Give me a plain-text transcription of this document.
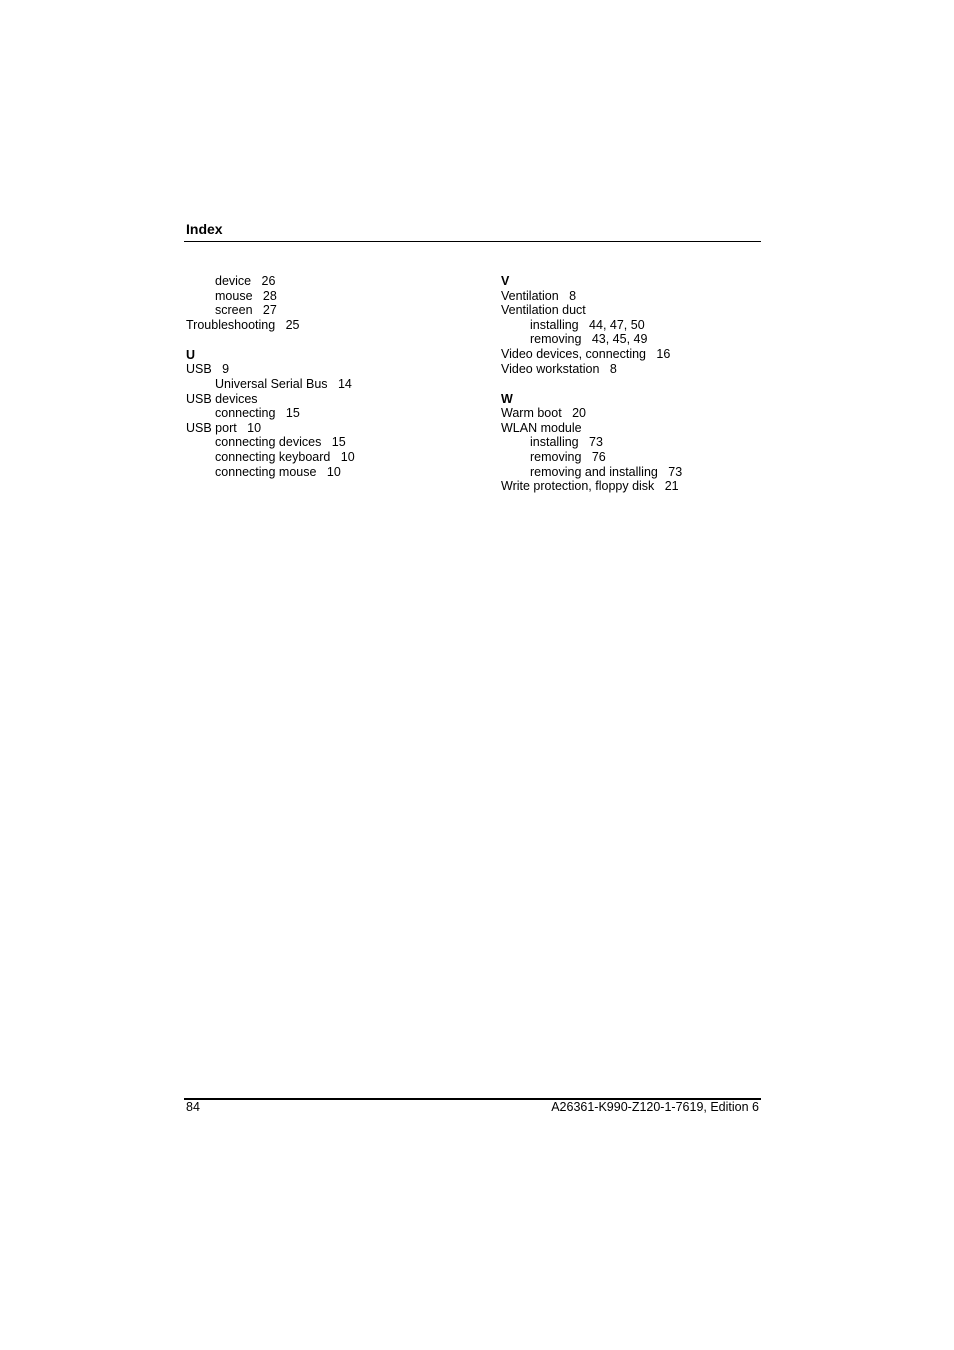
Index
device   26
mouse   28
screen   27
Troubleshooting   25
U
USB   9
Universal Serial Bus   14
USB devices
connecting   15
USB port   10
connecting devices   15
connecting keyboard   10
connecting mouse   10
V
Ventilation   8
Ventilation duct
installing   44, 47, 50
removing   43, 45, 49
Video devices, connecting   16
Video workstation   8
W
Warm boot   20
WLAN module
installing   73
removing   76
removing and installing   73
Write protection, floppy disk   21
84	A26361-K990-Z120-1-7619, Edition 6
